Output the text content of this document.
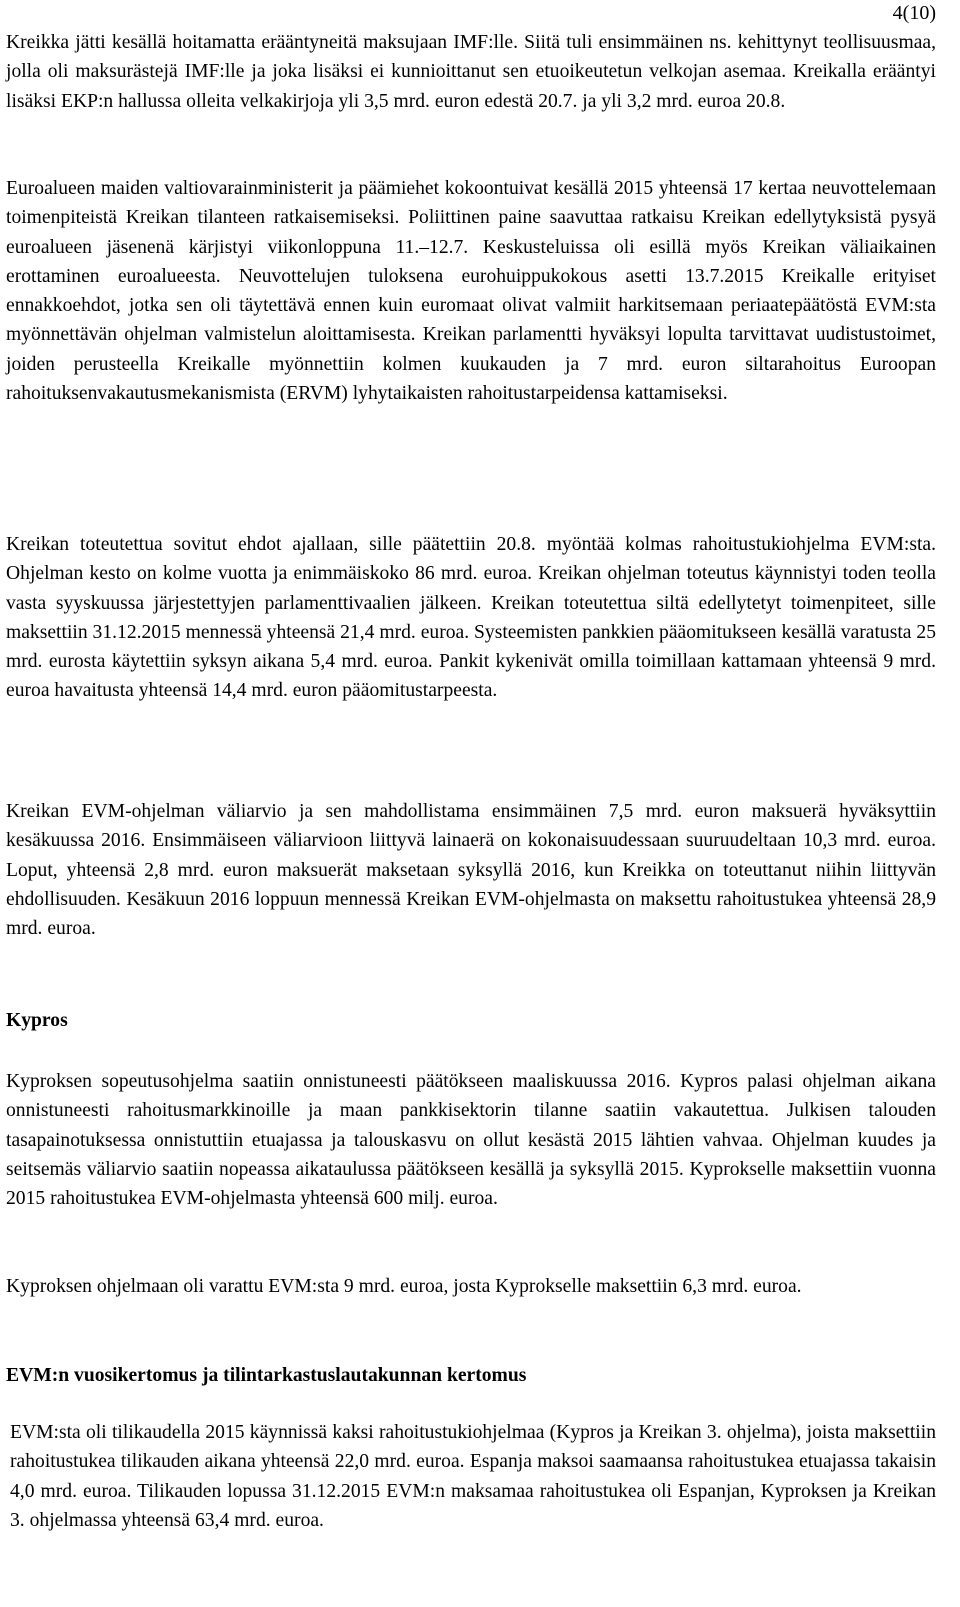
4(10)

Kreikka jätti kesällä hoitamatta erääntyneitä maksujaan IMF:lle. Siitä tuli ensimmäinen ns. kehittynyt teollisuusmaa, jolla oli maksurästejä IMF:lle ja joka lisäksi ei kunnioittanut sen etuoikeutetun velkojan asemaa. Kreikalla erääntyi lisäksi EKP:n hallussa olleita velkakirjoja yli 3,5 mrd. euron edestä 20.7. ja yli 3,2 mrd. euroa 20.8.

Euroalueen maiden valtiovarainministerit ja päämiehet kokoontuivat kesällä 2015 yhteensä 17 kertaa neuvottelemaan toimenpiteistä Kreikan tilanteen ratkaisemiseksi. Poliittinen paine saavuttaa ratkaisu Kreikan edellytyksistä pysyä euroalueen jäsenenä kärjistyi viikonloppuna 11.–12.7. Keskusteluissa oli esillä myös Kreikan väliaikainen erottaminen euroalueesta. Neuvottelujen tuloksena eurohuippukokous asetti 13.7.2015 Kreikalle erityiset ennakkoehdot, jotka sen oli täytettävä ennen kuin euromaat olivat valmiit harkitsemaan periaatepäätöstä EVM:sta myönnettävän ohjelman valmistelun aloittamisesta. Kreikan parlamentti hyväksyi lopulta tarvittavat uudistustoimet, joiden perusteella Kreikalle myönnettiin kolmen kuukauden ja 7 mrd. euron siltarahoitus Euroopan rahoituksenvakautusmekanismista (ERVM) lyhytaikaisten rahoitustarpeidensa kattamiseksi.

Kreikan toteutettua sovitut ehdot ajallaan, sille päätettiin 20.8. myöntää kolmas rahoitustukiohjelma EVM:sta. Ohjelman kesto on kolme vuotta ja enimmäiskoko 86 mrd. euroa. Kreikan ohjelman toteutus käynnistyi toden teolla vasta syyskuussa järjestettyjen parlamenttivaalien jälkeen. Kreikan toteutettua siltä edellytetyt toimenpiteet, sille maksettiin 31.12.2015 mennessä yhteensä 21,4 mrd. euroa. Systeemisten pankkien pääomitukseen kesällä varatusta 25 mrd. eurosta käytettiin syksyn aikana 5,4 mrd. euroa. Pankit kykenivät omilla toimillaan kattamaan yhteensä 9 mrd. euroa havaitusta yhteensä 14,4 mrd. euron pääomitustarpeesta.

Kreikan EVM-ohjelman väliarvio ja sen mahdollistama ensimmäinen 7,5 mrd. euron maksuerä hyväksyttiin kesäkuussa 2016. Ensimmäiseen väliarvioon liittyvä lainaerä on kokonaisuudessaan suuruudeltaan 10,3 mrd. euroa. Loput, yhteensä 2,8 mrd. euron maksuerät maksetaan syksyllä 2016, kun Kreikka on toteuttanut niihin liittyvän ehdollisuuden. Kesäkuun 2016 loppuun mennessä Kreikan EVM-ohjelmasta on maksettu rahoitustukea yhteensä 28,9 mrd. euroa.

Kypros

Kyproksen sopeutusohjelma saatiin onnistuneesti päätökseen maaliskuussa 2016. Kypros palasi ohjelman aikana onnistuneesti rahoitusmarkkinoille ja maan pankkisektorin tilanne saatiin vakautettua. Julkisen talouden tasapainotuksessa onnistuttiin etuajassa ja talouskasvu on ollut kesästä 2015 lähtien vahvaa. Ohjelman kuudes ja seitsemäs väliarvio saatiin nopeassa aikataulussa päätökseen kesällä ja syksyllä 2015. Kyprokselle maksettiin vuonna 2015 rahoitustukea EVM-ohjelmasta yhteensä 600 milj. euroa.

Kyproksen ohjelmaan oli varattu EVM:sta 9 mrd. euroa, josta Kyprokselle maksettiin 6,3 mrd. euroa.

EVM:n vuosikertomus ja tilintarkastuslautakunnan kertomus

EVM:sta oli tilikaudella 2015 käynnissä kaksi rahoitustukiohjelmaa (Kypros ja Kreikan 3. ohjelma), joista maksettiin rahoitustukea tilikauden aikana yhteensä 22,0 mrd. euroa. Espanja maksoi saamaansa rahoitustukea etuajassa takaisin 4,0 mrd. euroa. Tilikauden lopussa 31.12.2015 EVM:n maksamaa rahoitustukea oli Espanjan, Kyproksen ja Kreikan 3. ohjelmassa yhteensä 63,4 mrd. euroa.
